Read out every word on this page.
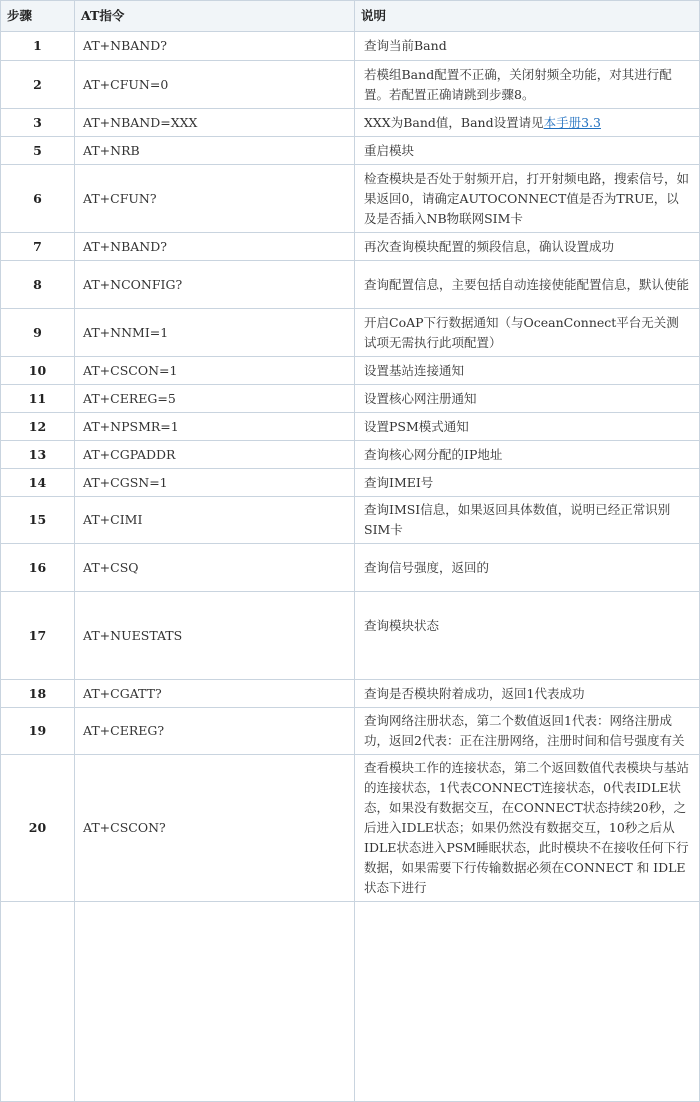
步骤	AT指令	说明
1	AT+NBAND?	查询当前Band

2	AT+CFUN=0	若模组Band配置不正确，关闭射频全功能，对其进行配置。若配置正确请跳到步骤8。

3	AT+NBAND=XXX	XXX为Band值，Band设置请见本手册3.3
5	AT+NRB	重启模块

6	AT+CFUN?	检查模块是否处于射频开启，打开射频电路，搜索信号，如果返回0，请确定AUTOCONNECT值是否为TRUE，以及是否插入NB物联网SIM卡

7	AT+NBAND?	再次查询模块配置的频段信息，确认设置成功

8	AT+NCONFIG?	查询配置信息，主要包括自动连接使能配置信息，默认使能

9	AT+NNMI=1	开启CoAP下行数据通知（与OceanConnect平台无关测试项无需执行此项配置）

10	AT+CSCON=1	设置基站连接通知

11	AT+CEREG=5	设置核心网注册通知

12	AT+NPSMR=1	设置PSM模式通知

13	AT+CGPADDR	查询核心网分配的IP地址

14	AT+CGSN=1	查询IMEI号

15	AT+CIMI	查询IMSI信息，如果返回具体数值，说明已经正常识别SIM卡

16	AT+CSQ	查询信号强度，返回的

17	AT+NUESTATS	查询模块状态

18	AT+CGATT?	查询是否模块附着成功，返回1代表成功

19	AT+CEREG?	查询网络注册状态，第二个数值返回1代表：网络注册成功，返回2代表：正在注册网络，注册时间和信号强度有关

20	AT+CSCON?	查看模块工作的连接状态，第二个返回数值代表模块与基站的连接状态，1代表CONNECT连接状态，0代表IDLE状态，如果没有数据交互，在CONNECT状态持续20秒，之后进入IDLE状态；如果仍然没有数据交互，10秒之后从IDLE状态进入PSM睡眠状态，此时模块不在接收任何下行数据，如果需要下行传输数据必须在CONNECT 和 IDLE状态下进行
